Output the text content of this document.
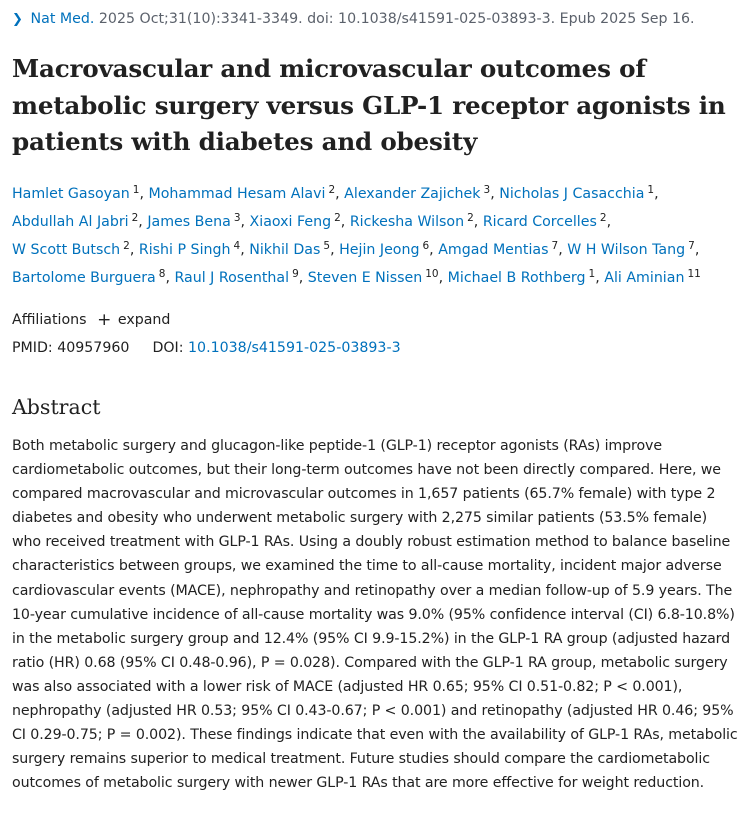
❯ Nat Med. 2025 Oct;31(10):3341-3349. doi: 10.1038/s41591-025-03893-3. Epub 2025 Sep 16.
Macrovascular and microvascular outcomes of metabolic surgery versus GLP-1 receptor agonists in patients with diabetes and obesity
Hamlet Gasoyan $^1$, Mohammad Hesam Alavi $^2$, Alexander Zajichek $^3$, Nicholas J Casacchia $^1$, Abdullah Al Jabri $^2$, James Bena $^3$, Xiaoxi Feng $^2$, Rickesha Wilson $^2$, Ricard Corcelles $^2$, W Scott Butsch $^2$, Rishi P Singh $^4$, Nikhil Das $^5$, Hejin Jeong $^6$, Amgad Mentias $^7$, W H Wilson Tang $^7$, Bartolome Burguera $^8$, Raul J Rosenthal $^9$, Steven E Nissen $^{10}$, Michael B Rothberg $^1$, Ali Aminian $^{11}$
Affiliations + expand
PMID: 40957960 DOI: 10.1038/s41591-025-03893-3
Abstract

Both metabolic surgery and glucagon-like peptide-1 (GLP-1) receptor agonists (RAs) improve cardiometabolic outcomes, but their long-term outcomes have not been directly compared. Here, we compared macrovascular and microvascular outcomes in 1,657 patients (65.7% female) with type 2 diabetes and obesity who underwent metabolic surgery with 2,275 similar patients (53.5% female) who received treatment with GLP-1 RAs. Using a doubly robust estimation method to balance baseline characteristics between groups, we examined the time to all-cause mortality, incident major adverse cardiovascular events (MACE), nephropathy and retinopathy over a median follow-up of 5.9 years. The 10-year cumulative incidence of all-cause mortality was 9.0% (95% confidence interval (CI) 6.8-10.8%) in the metabolic surgery group and 12.4% (95% CI 9.9-15.2%) in the GLP-1 RA group (adjusted hazard ratio (HR) 0.68 (95% CI 0.48-0.96), P = 0.028). Compared with the GLP-1 RA group, metabolic surgery was also associated with a lower risk of MACE (adjusted HR 0.65; 95% CI 0.51-0.82; P < 0.001), nephropathy (adjusted HR 0.53; 95% CI 0.43-0.67; P < 0.001) and retinopathy (adjusted HR 0.46; 95% CI 0.29-0.75; P = 0.002). These findings indicate that even with the availability of GLP-1 RAs, metabolic surgery remains superior to medical treatment. Future studies should compare the cardiometabolic outcomes of metabolic surgery with newer GLP-1 RAs that are more effective for weight reduction.
